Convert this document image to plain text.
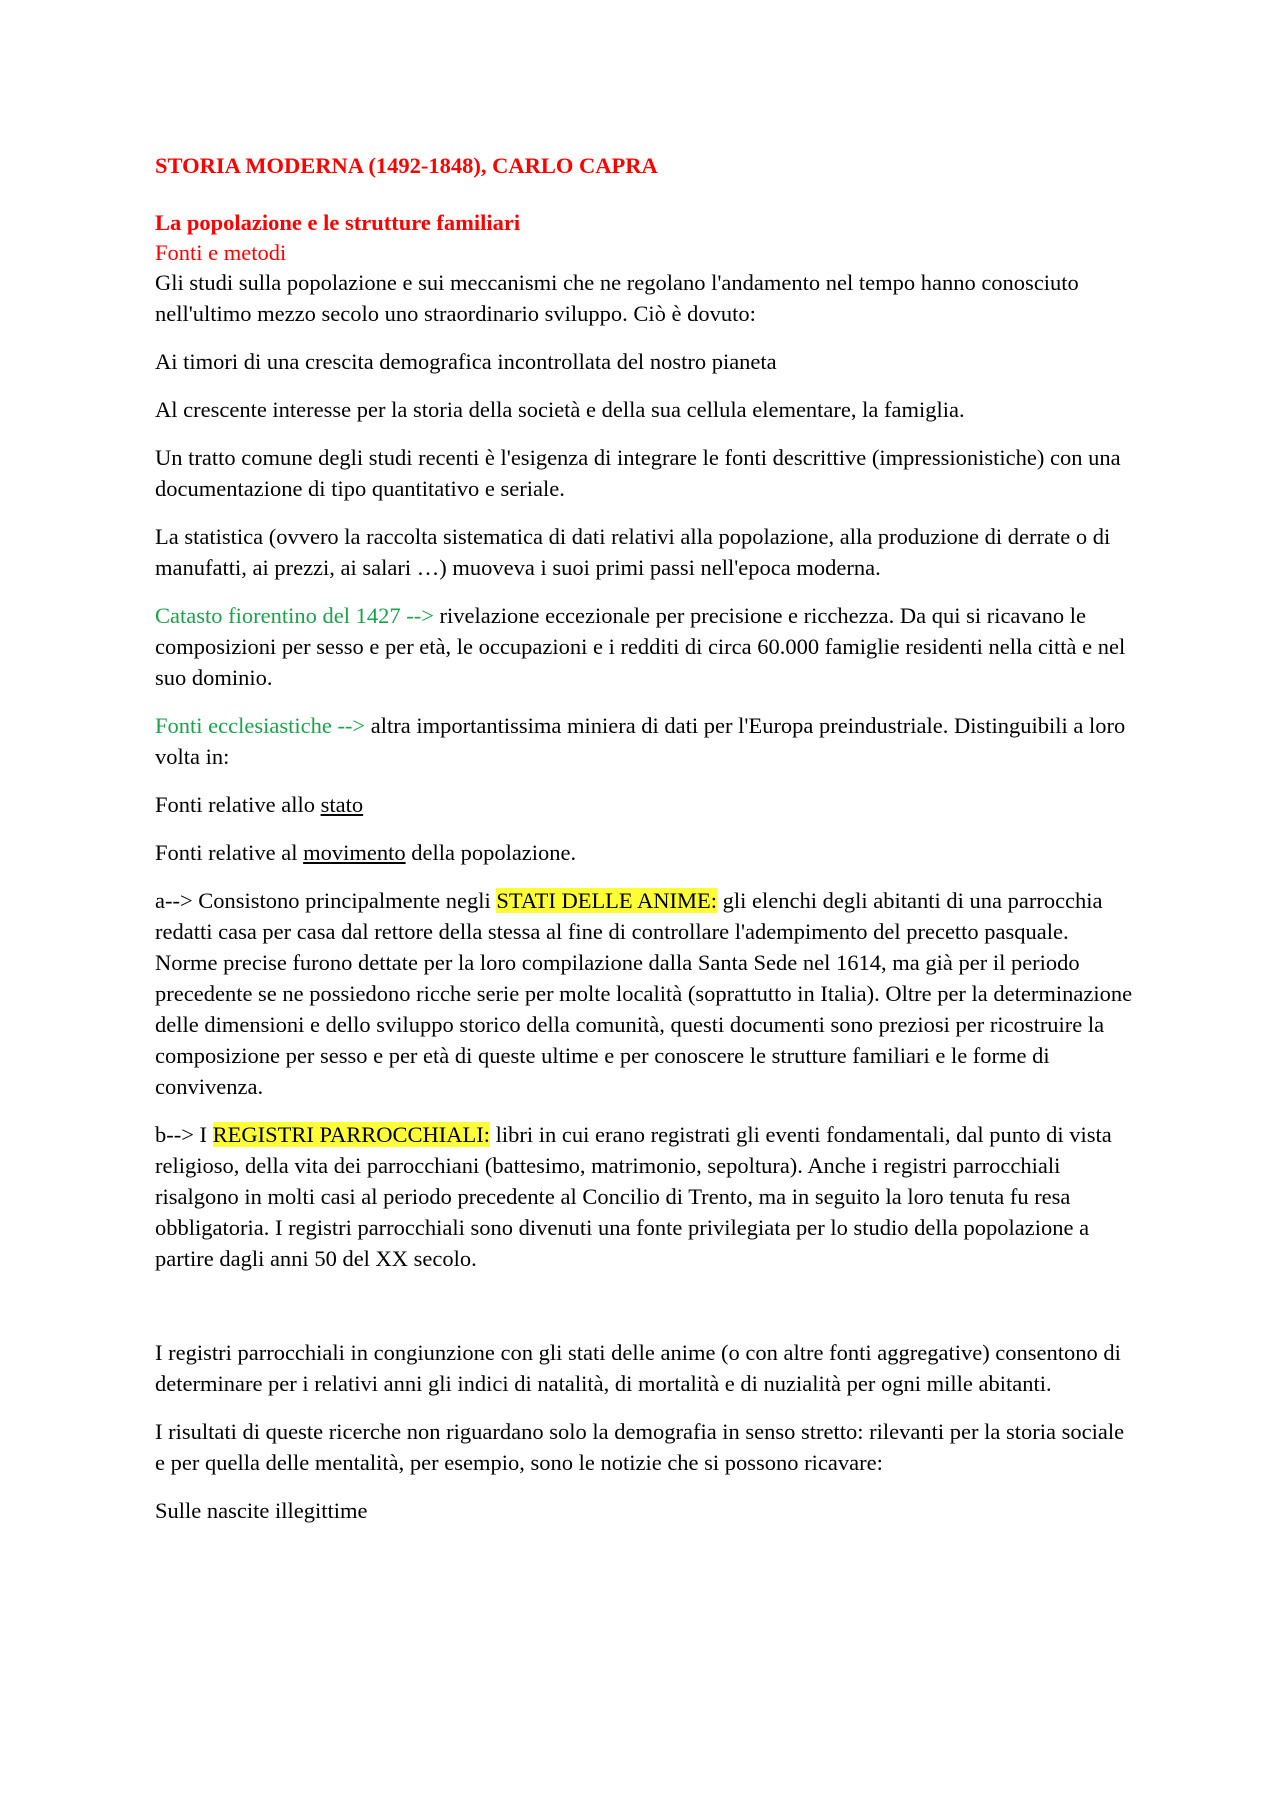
STORIA MODERNA (1492-1848), CARLO CAPRA
La popolazione e le strutture familiari
Fonti e metodi

Gli studi sulla popolazione e sui meccanismi che ne regolano l'andamento nel tempo hanno conosciuto nell'ultimo mezzo secolo uno straordinario sviluppo. Ciò è dovuto:

Ai timori di una crescita demografica incontrollata del nostro pianeta

Al crescente interesse per la storia della società e della sua cellula elementare, la famiglia.

Un tratto comune degli studi recenti è l'esigenza di integrare le fonti descrittive (impressionistiche) con una documentazione di tipo quantitativo e seriale.

La statistica (ovvero la raccolta sistematica di dati relativi alla popolazione, alla produzione di derrate o di manufatti, ai prezzi, ai salari …) muoveva i suoi primi passi nell'epoca moderna.

Catasto fiorentino del 1427 --> rivelazione eccezionale per precisione e ricchezza. Da qui si ricavano le composizioni per sesso e per età, le occupazioni e i redditi di circa 60.000 famiglie residenti nella città e nel suo dominio.

Fonti ecclesiastiche --> altra importantissima miniera di dati per l'Europa preindustriale. Distinguibili a loro volta in:

Fonti relative allo stato

Fonti relative al movimento della popolazione.

a--> Consistono principalmente negli STATI DELLE ANIME: gli elenchi degli abitanti di una parrocchia redatti casa per casa dal rettore della stessa al fine di controllare l'adempimento del precetto pasquale. Norme precise furono dettate per la loro compilazione dalla Santa Sede nel 1614, ma già per il periodo precedente se ne possiedono ricche serie per molte località (soprattutto in Italia). Oltre per la determinazione delle dimensioni e dello sviluppo storico della comunità, questi documenti sono preziosi per ricostruire la composizione per sesso e per età di queste ultime e per conoscere le strutture familiari e le forme di convivenza.

b--> I REGISTRI PARROCCHIALI: libri in cui erano registrati gli eventi fondamentali, dal punto di vista religioso, della vita dei parrocchiani (battesimo, matrimonio, sepoltura). Anche i registri parrocchiali risalgono in molti casi al periodo precedente al Concilio di Trento, ma in seguito la loro tenuta fu resa obbligatoria. I registri parrocchiali sono divenuti una fonte privilegiata per lo studio della popolazione a partire dagli anni 50 del XX secolo.

I registri parrocchiali in congiunzione con gli stati delle anime (o con altre fonti aggregative) consentono di determinare per i relativi anni gli indici di natalità, di mortalità e di nuzialità per ogni mille abitanti.

I risultati di queste ricerche non riguardano solo la demografia in senso stretto: rilevanti per la storia sociale e per quella delle mentalità, per esempio, sono le notizie che si possono ricavare:

Sulle nascite illegittime
